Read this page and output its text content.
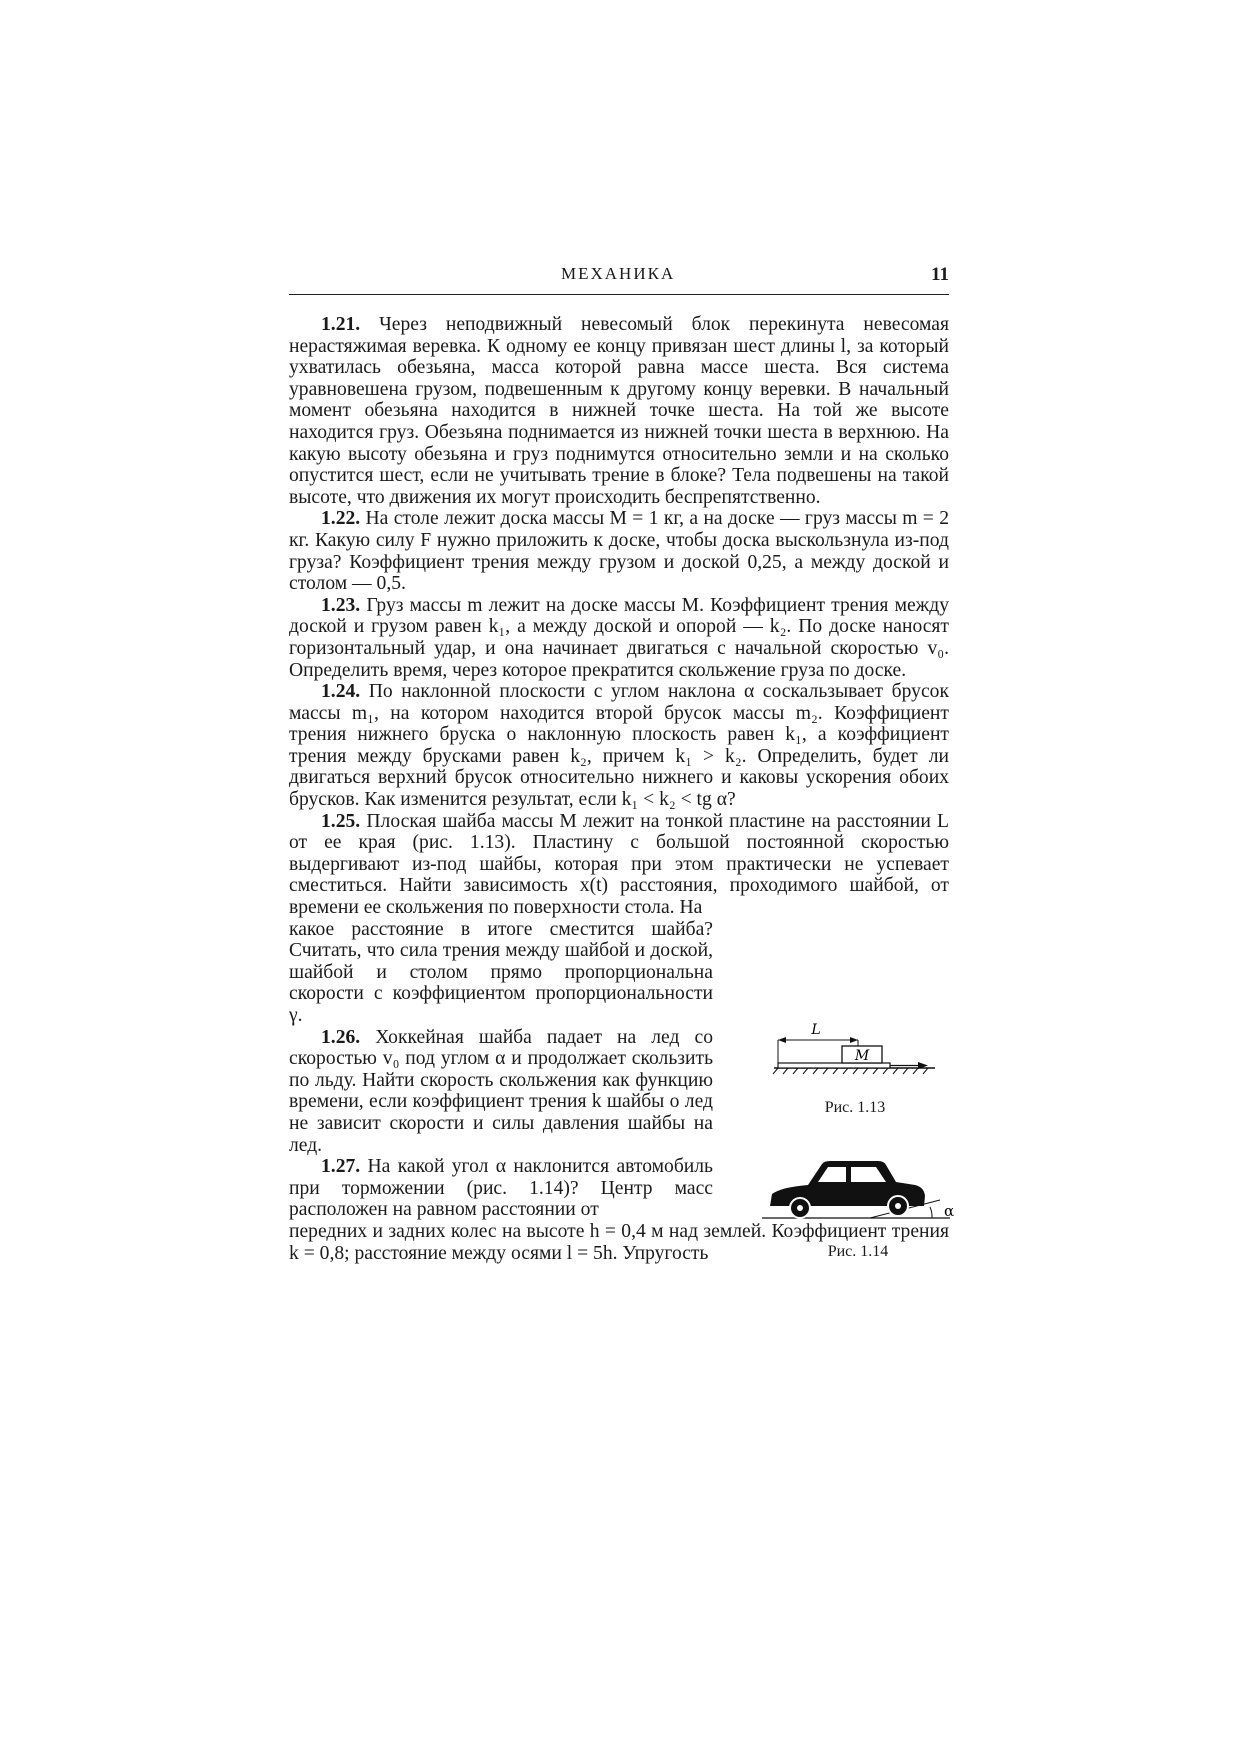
МЕХАНИКА	11

1.21. Через неподвижный невесомый блок перекинута невесомая нерастяжимая веревка. К одному ее концу привязан шест длины l, за который ухватилась обезьяна, масса которой равна массе шеста. Вся система уравновешена грузом, подвешенным к другому концу веревки. В начальный момент обезьяна находится в нижней точке шеста. На той же высоте находится груз. Обезьяна поднимается из нижней точки шеста в верхнюю. На какую высоту обезьяна и груз поднимутся относительно земли и на сколько опустится шест, если не учитывать трение в блоке? Тела подвешены на такой высоте, что движения их могут происходить беспрепятственно.

1.22. На столе лежит доска массы M = 1 кг, а на доске — груз массы m = 2 кг. Какую силу F нужно приложить к доске, чтобы доска выскользнула из-под груза? Коэффициент трения между грузом и доской 0,25, а между доской и столом — 0,5.

1.23. Груз массы m лежит на доске массы M. Коэффициент трения между доской и грузом равен k₁, а между доской и опорой — k₂. По доске наносят горизонтальный удар, и она начинает двигаться с начальной скоростью v₀. Определить время, через которое прекратится скольжение груза по доске.

1.24. По наклонной плоскости с углом наклона α соскальзывает брусок массы m₁, на котором находится второй брусок массы m₂. Коэффициент трения нижнего бруска о наклонную плоскость равен k₁, а коэффициент трения между брусками равен k₂, причем k₁ > k₂. Определить, будет ли двигаться верхний брусок относительно нижнего и каковы ускорения обоих брусков. Как изменится результат, если k₁ < k₂ < tg α?

1.25. Плоская шайба массы M лежит на тонкой пластине на расстоянии L от ее края (рис. 1.13). Пластину с большой постоянной скоростью выдергивают из-под шайбы, которая при этом практически не успевает сместиться. Найти зависимость x(t) расстояния, проходимого шайбой, от времени ее скольжения по поверхности стола. На

какое расстояние в итоге сместится шайба? Считать, что сила трения между шайбой и доской, шайбой и столом прямо пропорциональна скорости с коэффициентом пропорциональности γ.

1.26. Хоккейная шайба падает на лед со скоростью v₀ под углом α и продолжает скользить по льду. Найти скорость скольжения как функцию времени, если коэффициент трения k шайбы о лед не зависит скорости и силы давления шайбы на лед.

1.27. На какой угол α наклонится автомобиль при торможении (рис. 1.14)? Центр масс расположен на равном расстоянии от

передних и задних колес на высоте h = 0,4 м над землей. Коэффициент трения k = 0,8; расстояние между осями l = 5h. Упругость

M
L
Рис. 1.13
α
Рис. 1.14
